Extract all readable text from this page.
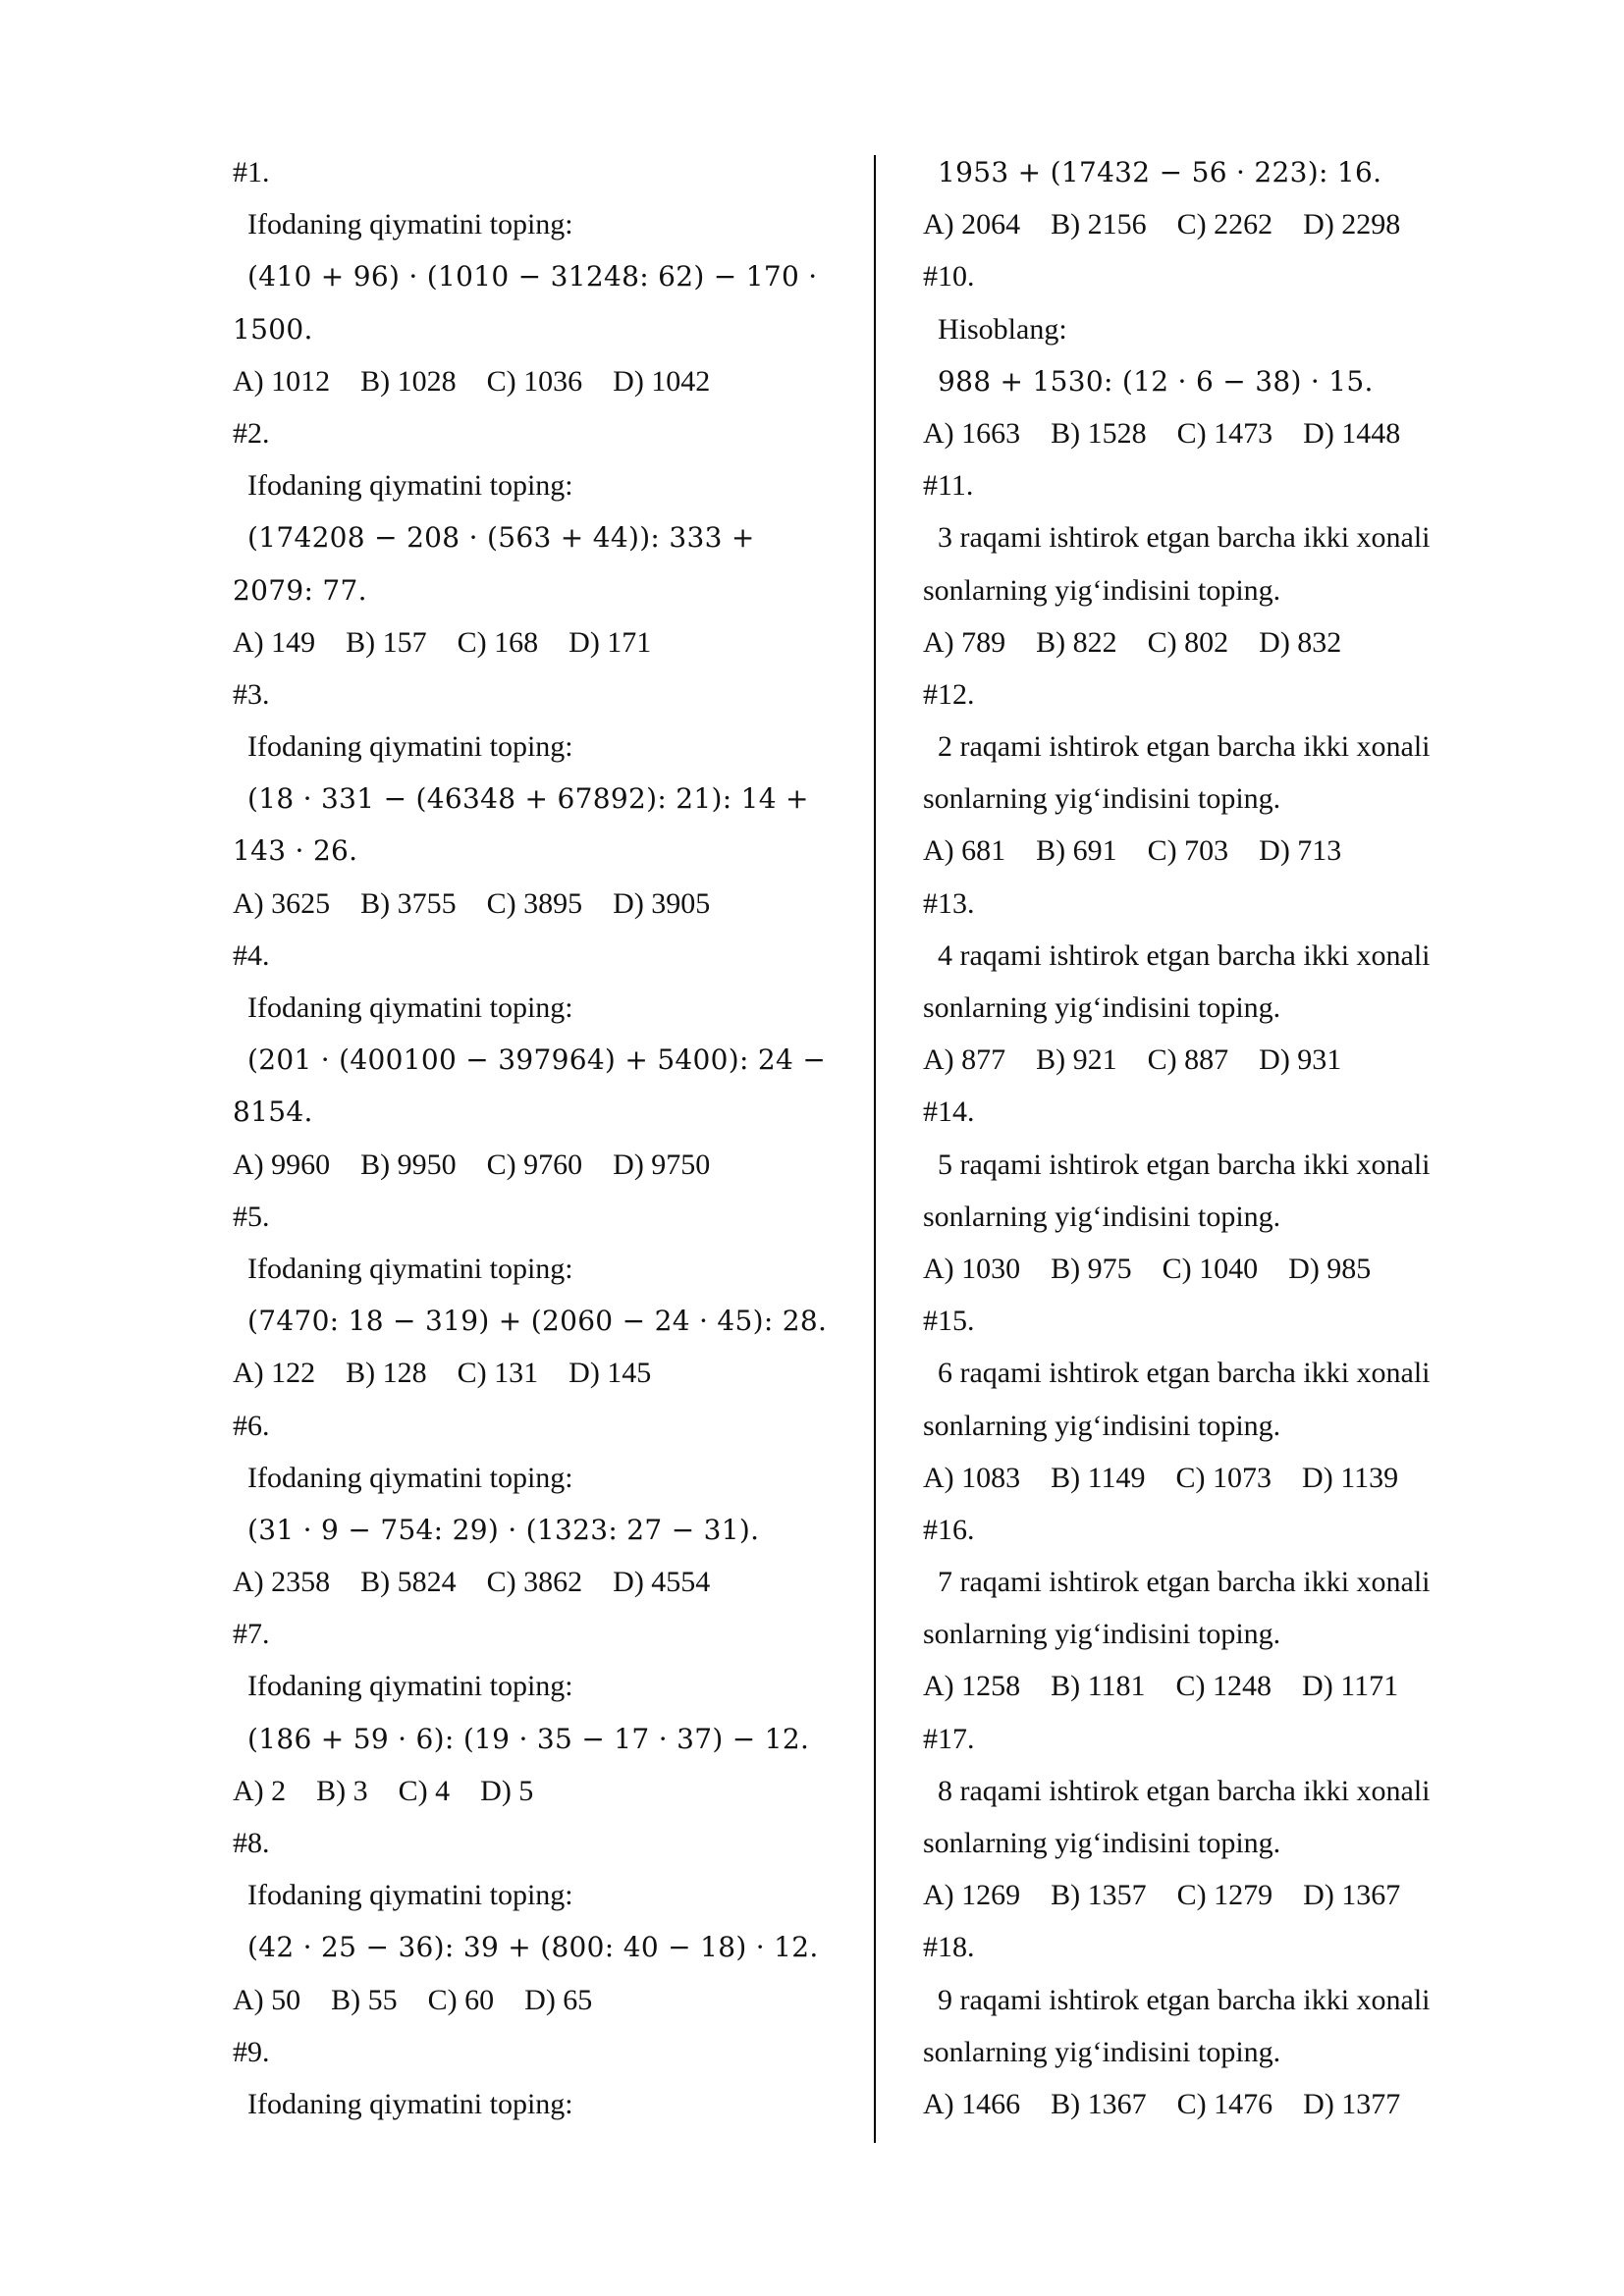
#1.
Ifodaning qiymatini toping:
(410 + 96) · (1010 − 31248: 62) − 170 ·
1500.
A) 1012 B) 1028 C) 1036 D) 1042
#2.
Ifodaning qiymatini toping:
(174208 − 208 · (563 + 44)): 333 +
2079: 77.
A) 149 B) 157 C) 168 D) 171
#3.
Ifodaning qiymatini toping:
(18 · 331 − (46348 + 67892): 21): 14 +
143 · 26.
A) 3625 B) 3755 C) 3895 D) 3905
#4.
Ifodaning qiymatini toping:
(201 · (400100 − 397964) + 5400): 24 −
8154.
A) 9960 B) 9950 C) 9760 D) 9750
#5.
Ifodaning qiymatini toping:
(7470: 18 − 319) + (2060 − 24 · 45): 28.
A) 122 B) 128 C) 131 D) 145
#6.
Ifodaning qiymatini toping:
(31 · 9 − 754: 29) · (1323: 27 − 31).
A) 2358 B) 5824 C) 3862 D) 4554
#7.
Ifodaning qiymatini toping:
(186 + 59 · 6): (19 · 35 − 17 · 37) − 12.
A) 2 B) 3 C) 4 D) 5
#8.
Ifodaning qiymatini toping:
(42 · 25 − 36): 39 + (800: 40 − 18) · 12.
A) 50 B) 55 C) 60 D) 65
#9.
Ifodaning qiymatini toping:
1953 + (17432 − 56 · 223): 16.
A) 2064 B) 2156 C) 2262 D) 2298
#10.
Hisoblang:
988 + 1530: (12 · 6 − 38) · 15.
A) 1663 B) 1528 C) 1473 D) 1448
#11.
3 raqami ishtirok etgan barcha ikki xonali
sonlarning yig‘indisini toping.
A) 789 B) 822 C) 802 D) 832
#12.
2 raqami ishtirok etgan barcha ikki xonali
sonlarning yig‘indisini toping.
A) 681 B) 691 C) 703 D) 713
#13.
4 raqami ishtirok etgan barcha ikki xonali
sonlarning yig‘indisini toping.
A) 877 B) 921 C) 887 D) 931
#14.
5 raqami ishtirok etgan barcha ikki xonali
sonlarning yig‘indisini toping.
A) 1030 B) 975 C) 1040 D) 985
#15.
6 raqami ishtirok etgan barcha ikki xonali
sonlarning yig‘indisini toping.
A) 1083 B) 1149 C) 1073 D) 1139
#16.
7 raqami ishtirok etgan barcha ikki xonali
sonlarning yig‘indisini toping.
A) 1258 B) 1181 C) 1248 D) 1171
#17.
8 raqami ishtirok etgan barcha ikki xonali
sonlarning yig‘indisini toping.
A) 1269 B) 1357 C) 1279 D) 1367
#18.
9 raqami ishtirok etgan barcha ikki xonali
sonlarning yig‘indisini toping.
A) 1466 B) 1367 C) 1476 D) 1377
